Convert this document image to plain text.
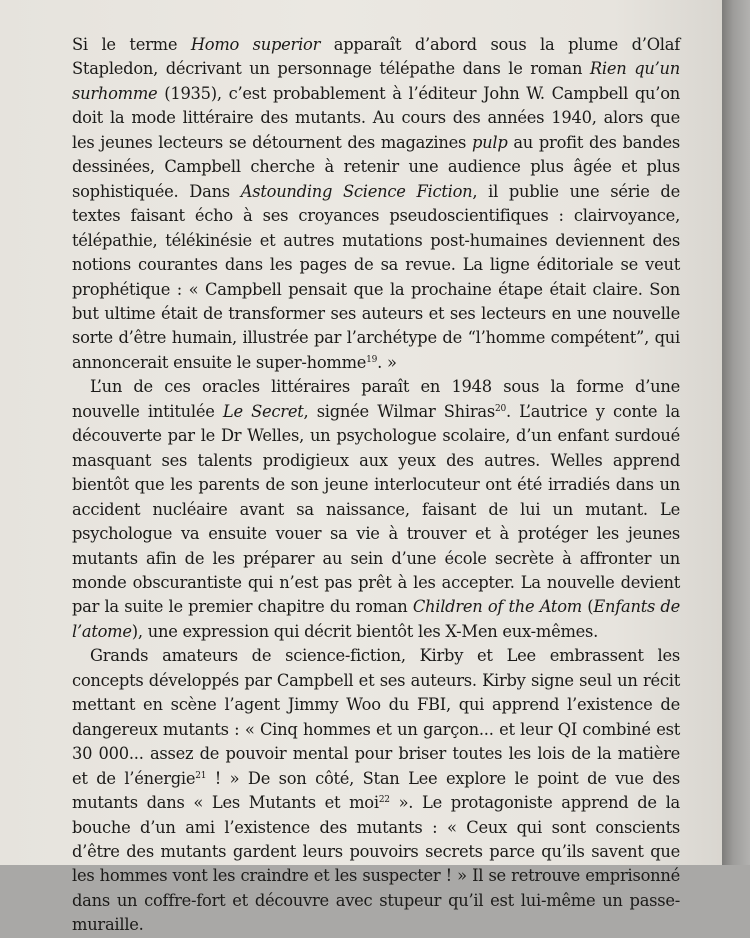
Si le terme Homo superior apparaît d’abord sous la plume d’Olaf Stapledon, décrivant un personnage télépathe dans le roman Rien qu’un surhomme (1935), c’est probablement à l’éditeur John W. Campbell qu’on doit la mode littéraire des mutants. Au cours des années 1940, alors que les jeunes lecteurs se détournent des magazines pulp au profit des bandes dessinées, Campbell cherche à retenir une audience plus âgée et plus sophistiquée. Dans Astounding Science Fiction, il publie une série de textes faisant écho à ses croyances pseudoscientifiques : clairvoyance, télépathie, télékinésie et autres mutations post-humaines deviennent des notions courantes dans les pages de sa revue. La ligne éditoriale se veut prophétique : « Campbell pensait que la prochaine étape était claire. Son but ultime était de transformer ses auteurs et ses lecteurs en une nouvelle sorte d’être humain, illustrée par l’archétype de “l’homme compétent”, qui annoncerait ensuite le super-homme$^{19}$. »

L’un de ces oracles littéraires paraît en 1948 sous la forme d’une nouvelle intitulée Le Secret, signée Wilmar Shiras$^{20}$. L’autrice y conte la découverte par le Dr Welles, un psychologue scolaire, d’un enfant surdoué masquant ses talents prodigieux aux yeux des autres. Welles apprend bientôt que les parents de son jeune interlocuteur ont été irradiés dans un accident nucléaire avant sa naissance, faisant de lui un mutant. Le psychologue va ensuite vouer sa vie à trouver et à protéger les jeunes mutants afin de les préparer au sein d’une école secrète à affronter un monde obscurantiste qui n’est pas prêt à les accepter. La nouvelle devient par la suite le premier chapitre du roman Children of the Atom (Enfants de l’atome), une expression qui décrit bientôt les X-Men eux-mêmes.

Grands amateurs de science-fiction, Kirby et Lee embrassent les concepts développés par Campbell et ses auteurs. Kirby signe seul un récit mettant en scène l’agent Jimmy Woo du FBI, qui apprend l’existence de dangereux mutants : « Cinq hommes et un garçon... et leur QI combiné est 30 000... assez de pouvoir mental pour briser toutes les lois de la matière et de l’énergie$^{21}$ ! » De son côté, Stan Lee explore le point de vue des mutants dans « Les Mutants et moi$^{22}$ ». Le protagoniste apprend de la bouche d’un ami l’existence des mutants : « Ceux qui sont conscients d’être des mutants gardent leurs pouvoirs secrets parce qu’ils savent que les hommes vont les craindre et les suspecter ! » Il se retrouve emprisonné dans un coffre-fort et découvre avec stupeur qu’il est lui-même un passe-muraille.
